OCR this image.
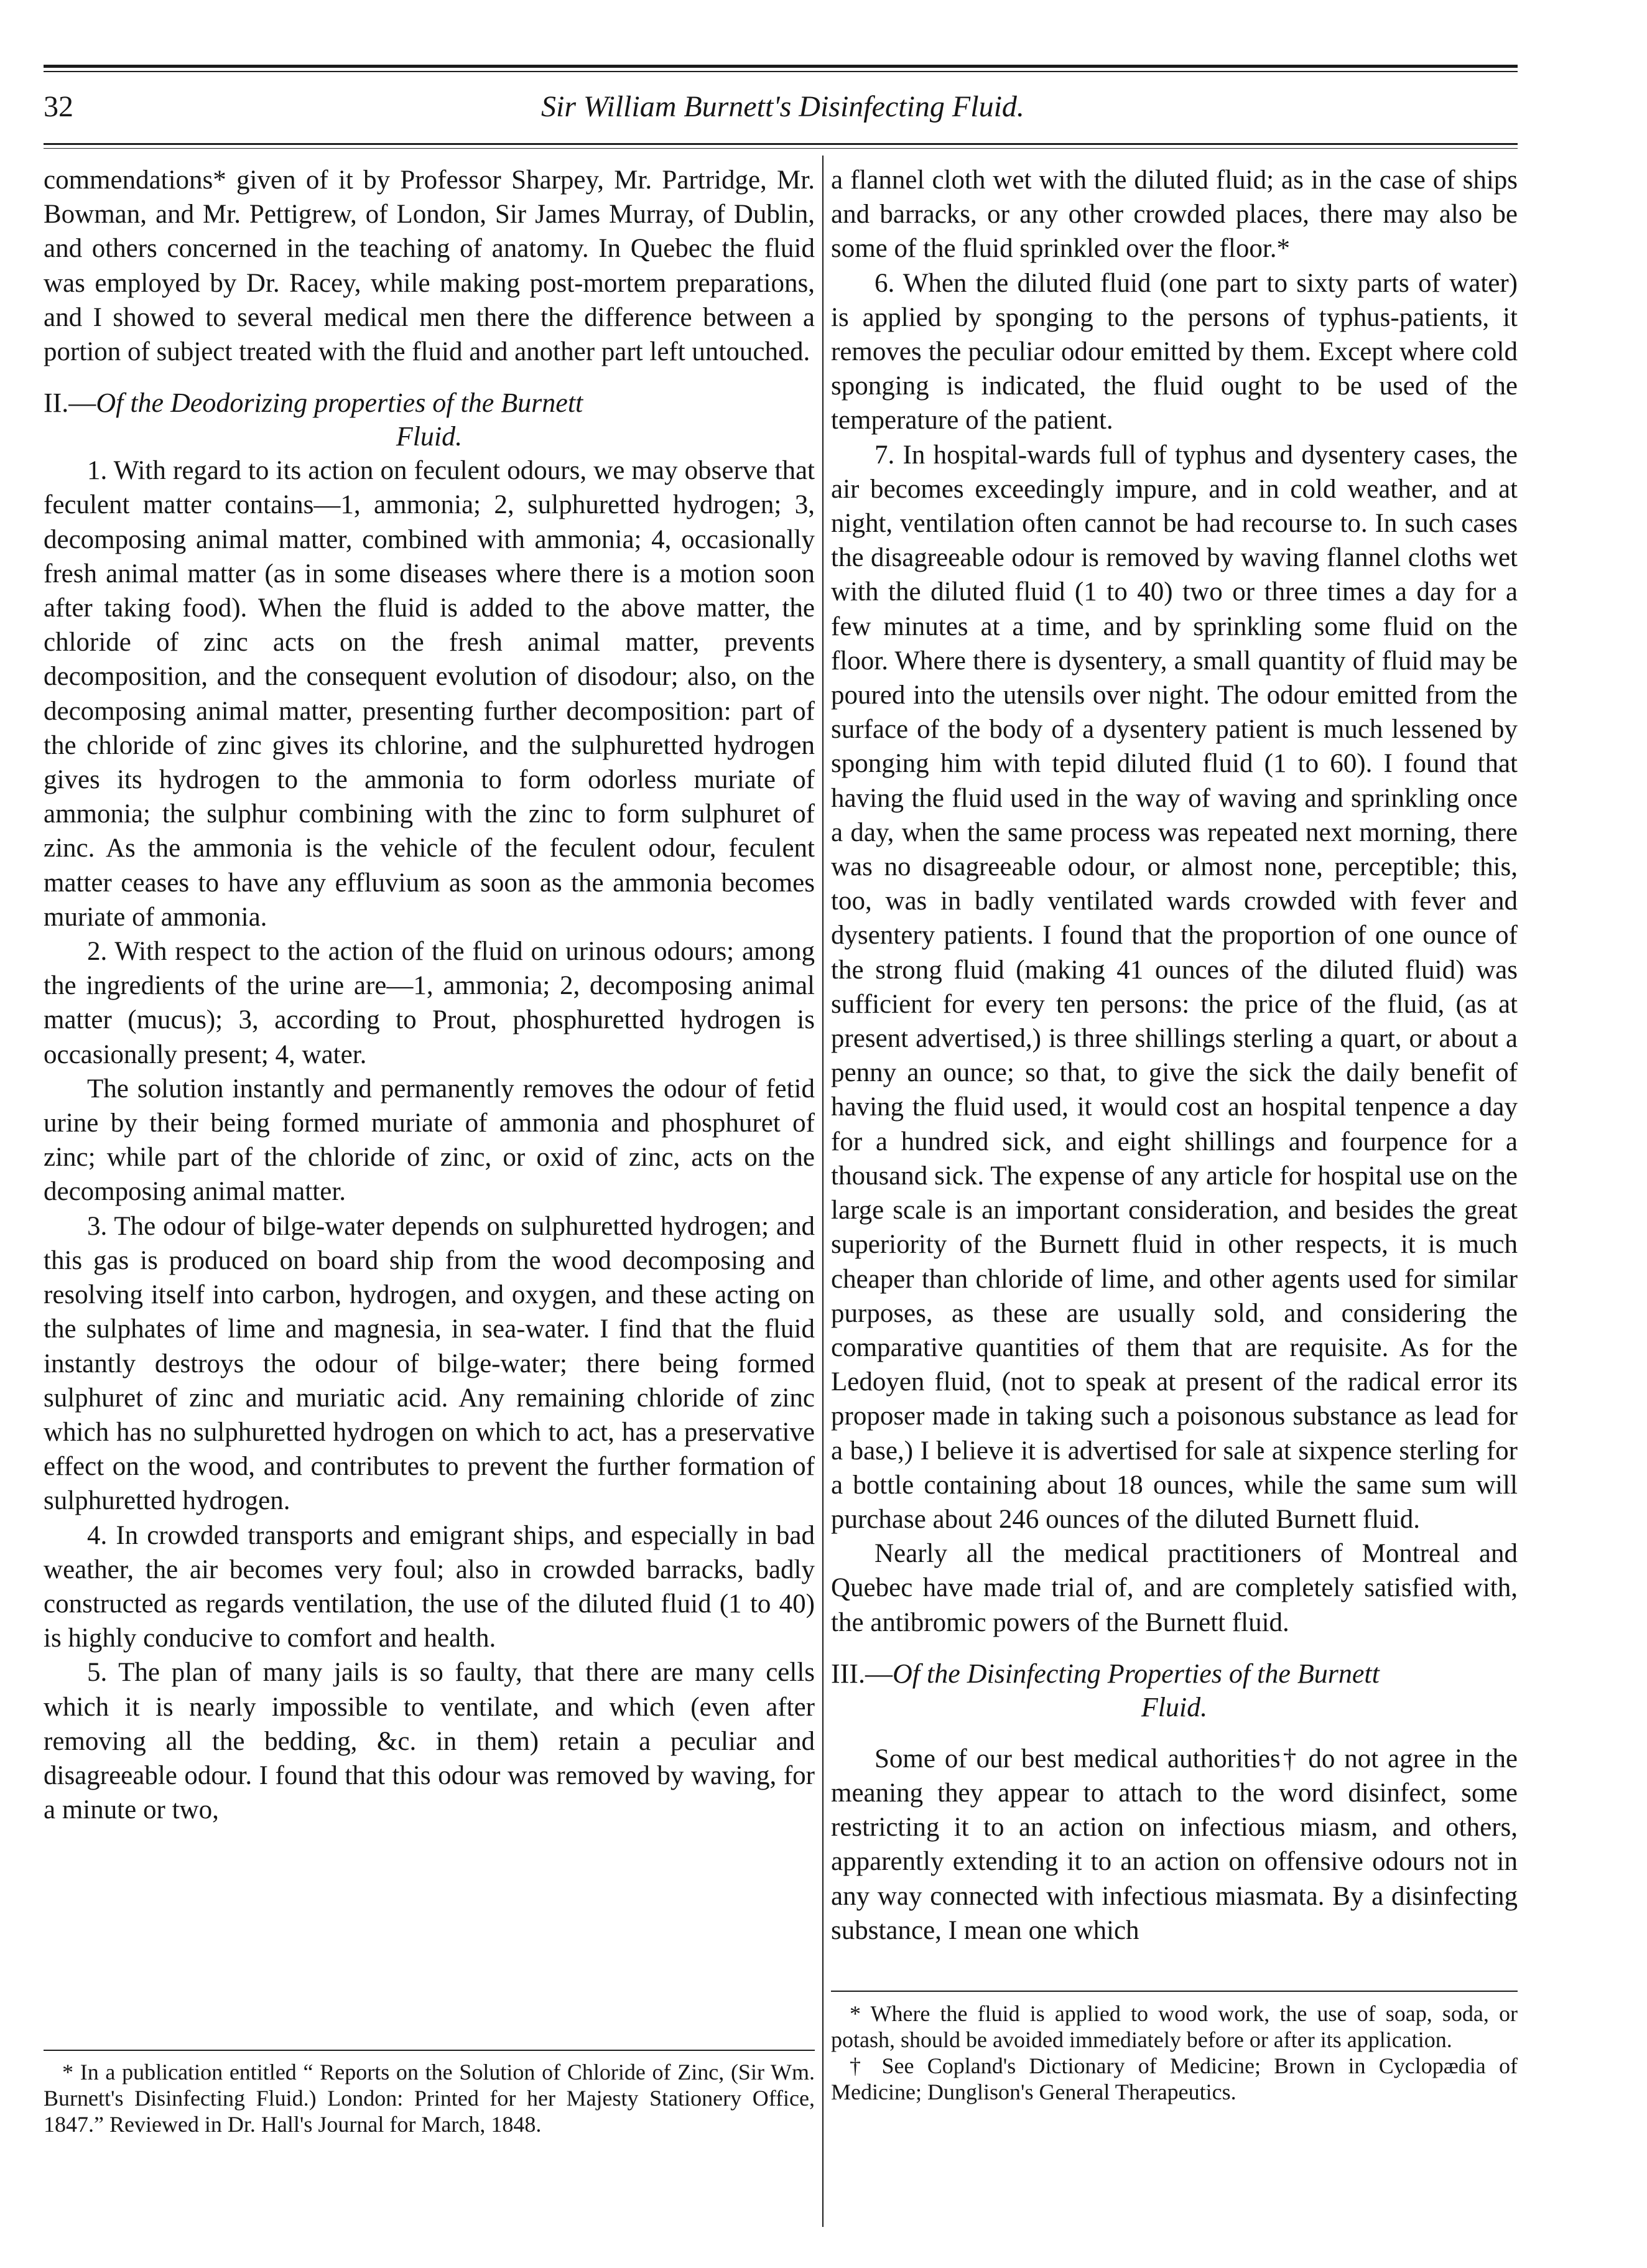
32	Sir William Burnett's Disinfecting Fluid.

commendations* given of it by Professor Sharpey, Mr. Partridge, Mr. Bowman, and Mr. Pettigrew, of London, Sir James Murray, of Dublin, and others concerned in the teaching of anatomy. In Quebec the fluid was employed by Dr. Racey, while making post-mortem preparations, and I showed to several medical men there the difference between a portion of subject treated with the fluid and another part left untouched.

II.—Of the Deodorizing properties of the Burnett
Fluid.

1. With regard to its action on feculent odours, we may observe that feculent matter contains—1, ammonia; 2, sulphuretted hydrogen; 3, decomposing animal matter, combined with ammonia; 4, occasionally fresh animal matter (as in some diseases where there is a motion soon after taking food). When the fluid is added to the above matter, the chloride of zinc acts on the fresh animal matter, prevents decomposition, and the consequent evolution of disodour; also, on the decomposing animal matter, presenting further decomposition: part of the chloride of zinc gives its chlorine, and the sulphuretted hydrogen gives its hydrogen to the ammonia to form odorless muriate of ammonia; the sulphur combining with the zinc to form sulphuret of zinc. As the ammonia is the vehicle of the feculent odour, feculent matter ceases to have any effluvium as soon as the ammonia becomes muriate of ammonia.

2. With respect to the action of the fluid on urinous odours; among the ingredients of the urine are—1, ammonia; 2, decomposing animal matter (mucus); 3, according to Prout, phosphuretted hydrogen is occasionally present; 4, water.

The solution instantly and permanently removes the odour of fetid urine by their being formed muriate of ammonia and phosphuret of zinc; while part of the chloride of zinc, or oxid of zinc, acts on the decomposing animal matter.

3. The odour of bilge-water depends on sulphuretted hydrogen; and this gas is produced on board ship from the wood decomposing and resolving itself into carbon, hydrogen, and oxygen, and these acting on the sulphates of lime and magnesia, in sea-water. I find that the fluid instantly destroys the odour of bilge-water; there being formed sulphuret of zinc and muriatic acid. Any remaining chloride of zinc which has no sulphuretted hydrogen on which to act, has a preservative effect on the wood, and contributes to prevent the further formation of sulphuretted hydrogen.

4. In crowded transports and emigrant ships, and especially in bad weather, the air becomes very foul; also in crowded barracks, badly constructed as regards ventilation, the use of the diluted fluid (1 to 40) is highly conducive to comfort and health.

5. The plan of many jails is so faulty, that there are many cells which it is nearly impossible to ventilate, and which (even after removing all the bedding, &c. in them) retain a peculiar and disagreeable odour. I found that this odour was removed by waving, for a minute or two,

* In a publication entitled “ Reports on the Solution of Chloride of Zinc, (Sir Wm. Burnett's Disinfecting Fluid.) London: Printed for her Majesty Stationery Office, 1847.” Reviewed in Dr. Hall's Journal for March, 1848.

a flannel cloth wet with the diluted fluid; as in the case of ships and barracks, or any other crowded places, there may also be some of the fluid sprinkled over the floor.*

6. When the diluted fluid (one part to sixty parts of water) is applied by sponging to the persons of typhus-patients, it removes the peculiar odour emitted by them. Except where cold sponging is indicated, the fluid ought to be used of the temperature of the patient.

7. In hospital-wards full of typhus and dysentery cases, the air becomes exceedingly impure, and in cold weather, and at night, ventilation often cannot be had recourse to. In such cases the disagreeable odour is removed by waving flannel cloths wet with the diluted fluid (1 to 40) two or three times a day for a few minutes at a time, and by sprinkling some fluid on the floor. Where there is dysentery, a small quantity of fluid may be poured into the utensils over night. The odour emitted from the surface of the body of a dysentery patient is much lessened by sponging him with tepid diluted fluid (1 to 60). I found that having the fluid used in the way of waving and sprinkling once a day, when the same process was repeated next morning, there was no disagreeable odour, or almost none, perceptible; this, too, was in badly ventilated wards crowded with fever and dysentery patients. I found that the proportion of one ounce of the strong fluid (making 41 ounces of the diluted fluid) was sufficient for every ten persons: the price of the fluid, (as at present advertised,) is three shillings sterling a quart, or about a penny an ounce; so that, to give the sick the daily benefit of having the fluid used, it would cost an hospital tenpence a day for a hundred sick, and eight shillings and fourpence for a thousand sick. The expense of any article for hospital use on the large scale is an important consideration, and besides the great superiority of the Burnett fluid in other respects, it is much cheaper than chloride of lime, and other agents used for similar purposes, as these are usually sold, and considering the comparative quantities of them that are requisite. As for the Ledoyen fluid, (not to speak at present of the radical error its proposer made in taking such a poisonous substance as lead for a base,) I believe it is advertised for sale at sixpence sterling for a bottle containing about 18 ounces, while the same sum will purchase about 246 ounces of the diluted Burnett fluid.

Nearly all the medical practitioners of Montreal and Quebec have made trial of, and are completely satisfied with, the antibromic powers of the Burnett fluid.

III.—Of the Disinfecting Properties of the Burnett
Fluid.

Some of our best medical authorities† do not agree in the meaning they appear to attach to the word disinfect, some restricting it to an action on infectious miasm, and others, apparently extending it to an action on offensive odours not in any way connected with infectious miasmata. By a disinfecting substance, I mean one which

* Where the fluid is applied to wood work, the use of soap, soda, or potash, should be avoided immediately before or after its application.

† See Copland's Dictionary of Medicine; Brown in Cyclopædia of Medicine; Dunglison's General Therapeutics.
